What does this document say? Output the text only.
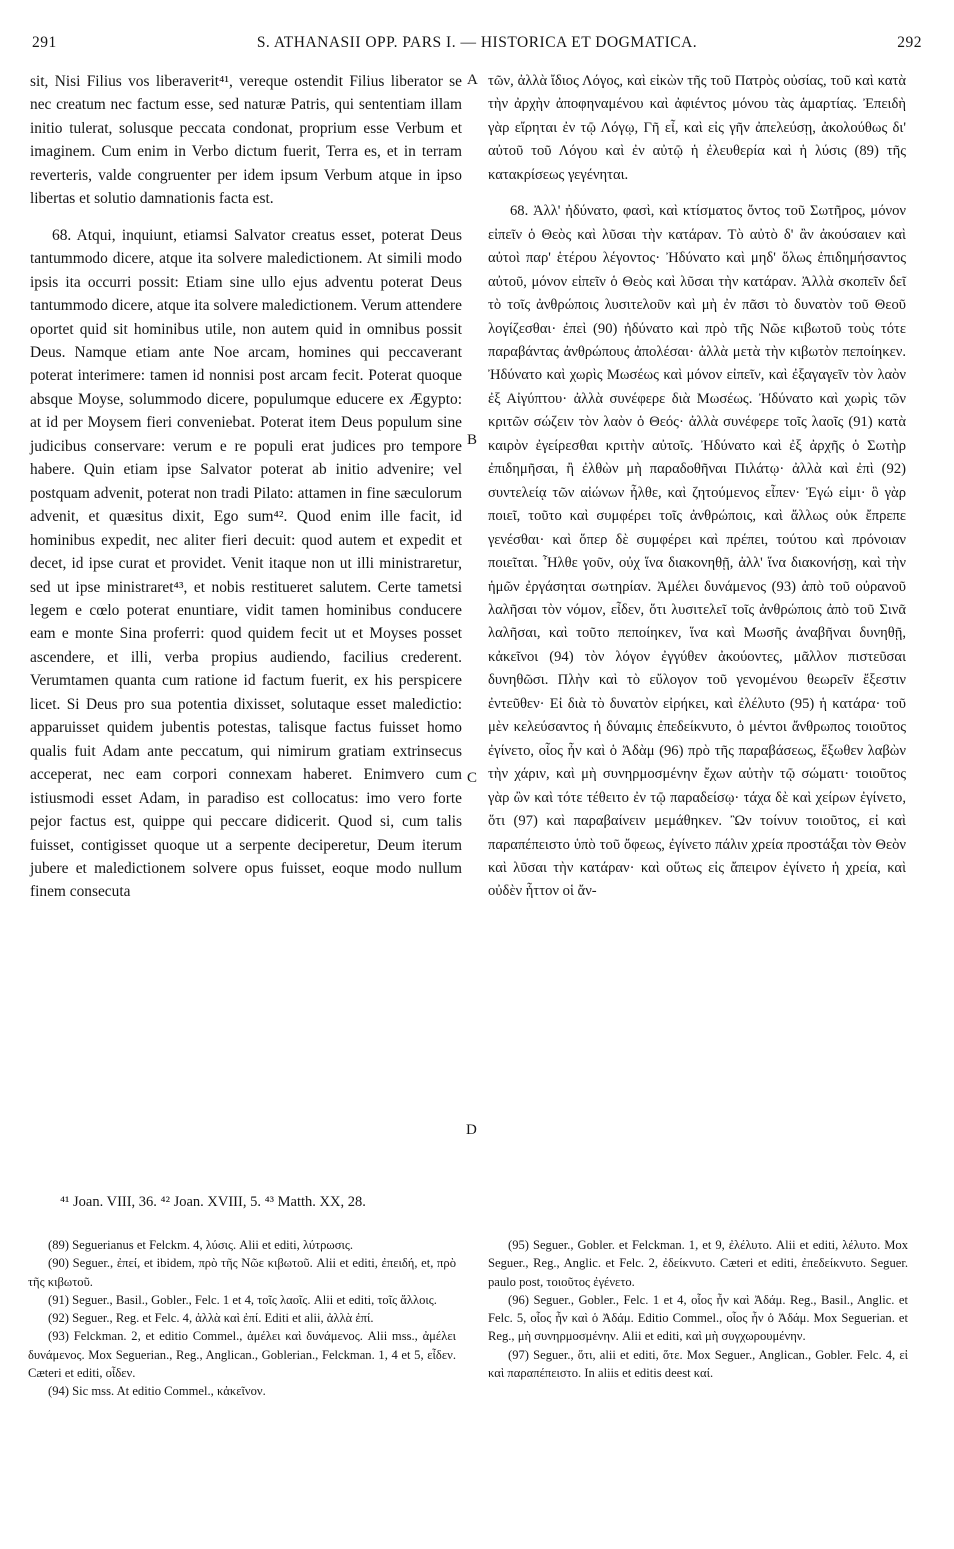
291	S. ATHANASII OPP. PARS I. — HISTORICA ET DOGMATICA.	292

sit, Nisi Filius vos liberaverit⁴¹, vereque ostendit Filius liberator se nec creatum nec factum esse, sed naturæ Patris, qui sententiam illam initio tulerat, solusque peccata condonat, proprium esse Verbum et imaginem. Cum enim in Verbo dictum fuerit, Terra es, et in terram reverteris, valde congruenter per idem ipsum Verbum atque in ipso libertas et solutio damnationis facta est.

68. Atqui, inquiunt, etiamsi Salvator creatus esset, poterat Deus tantummodo dicere, atque ita solvere maledictionem. At simili modo ipsis ita occurri possit: Etiam sine ullo ejus adventu poterat Deus tantummodo dicere, atque ita solvere maledictionem. Verum attendere oportet quid sit hominibus utile, non autem quid in omnibus possit Deus. Namque etiam ante Noe arcam, homines qui peccaverant poterat interimere: tamen id nonnisi post arcam fecit. Poterat quoque absque Moyse, solummodo dicere, populumque educere ex Ægypto: at id per Moysem fieri conveniebat. Poterat item Deus populum sine judicibus conservare: verum e re populi erat judices pro tempore habere. Quin etiam ipse Salvator poterat ab initio advenire; vel postquam advenit, poterat non tradi Pilato: attamen in fine sæculorum advenit, et quæsitus dixit, Ego sum⁴². Quod enim ille facit, id hominibus expedit, nec aliter fieri decuit: quod autem et expedit et decet, id ipse curat et providet. Venit itaque non ut illi ministraretur, sed ut ipse ministraret⁴³, et nobis restitueret salutem. Certe tametsi legem e cœlo poterat enuntiare, vidit tamen hominibus conducere eam e monte Sina proferri: quod quidem fecit ut et Moyses posset ascendere, et illi, verba propius audiendo, facilius crederent. Verumtamen quanta cum ratione id factum fuerit, ex his perspicere licet. Si Deus pro sua potentia dixisset, solutaque esset maledictio: apparuisset quidem jubentis potestas, talisque factus fuisset homo qualis fuit Adam ante peccatum, qui nimirum gratiam extrinsecus acceperat, nec eam corpori connexam haberet. Enimvero cum istiusmodi esset Adam, in paradiso est collocatus: imo vero forte pejor factus est, quippe qui peccare didicerit. Quod si, cum talis fuisset, contigisset quoque ut a serpente deciperetur, Deum iterum jubere et maledictionem solvere opus fuisset, eoque modo nullum finem consecuta

A
B
C
D

τῶν, ἀλλὰ ἴδιος Λόγος, καὶ εἰκὼν τῆς τοῦ Πατρὸς οὐσίας, τοῦ καὶ κατὰ τὴν ἀρχὴν ἀποφηναμένου καὶ ἀφιέντος μόνου τὰς ἁμαρτίας. Ἐπειδὴ γὰρ εἴρηται ἐν τῷ Λόγῳ, Γῆ εἶ, καὶ εἰς γῆν ἀπελεύσῃ, ἀκολούθως δι' αὐτοῦ τοῦ Λόγου καὶ ἐν αὐτῷ ἡ ἐλευθερία καὶ ἡ λύσις (89) τῆς κατακρίσεως γεγένηται.

68. Ἀλλ' ἠδύνατο, φασὶ, καὶ κτίσματος ὄντος τοῦ Σωτῆρος, μόνον εἰπεῖν ὁ Θεὸς καὶ λῦσαι τὴν κατάραν. Τὸ αὐτὸ δ' ἂν ἀκούσαιεν καὶ αὐτοὶ παρ' ἑτέρου λέγοντος· Ἠδύνατο καὶ μηδ' ὅλως ἐπιδημήσαντος αὐτοῦ, μόνον εἰπεῖν ὁ Θεὸς καὶ λῦσαι τὴν κατάραν. Ἀλλὰ σκοπεῖν δεῖ τὸ τοῖς ἀνθρώποις λυσιτελοῦν καὶ μὴ ἐν πᾶσι τὸ δυνατὸν τοῦ Θεοῦ λογίζεσθαι· ἐπεὶ (90) ἠδύνατο καὶ πρὸ τῆς Νῶε κιβωτοῦ τοὺς τότε παραβάντας ἀνθρώπους ἀπολέσαι· ἀλλὰ μετὰ τὴν κιβωτὸν πεποίηκεν. Ἠδύνατο καὶ χωρὶς Μωσέως καὶ μόνον εἰπεῖν, καὶ ἐξαγαγεῖν τὸν λαὸν ἐξ Αἰγύπτου· ἀλλὰ συνέφερε διὰ Μωσέως. Ἠδύνατο καὶ χωρὶς τῶν κριτῶν σώζειν τὸν λαὸν ὁ Θεός· ἀλλὰ συνέφερε τοῖς λαοῖς (91) κατὰ καιρὸν ἐγείρεσθαι κριτὴν αὐτοῖς. Ἠδύνατο καὶ ἐξ ἀρχῆς ὁ Σωτὴρ ἐπιδημῆσαι, ἢ ἐλθὼν μὴ παραδοθῆναι Πιλάτῳ· ἀλλὰ καὶ ἐπὶ (92) συντελείᾳ τῶν αἰώνων ἦλθε, καὶ ζητούμενος εἶπεν· Ἐγώ εἰμι· ὃ γὰρ ποιεῖ, τοῦτο καὶ συμφέρει τοῖς ἀνθρώποις, καὶ ἄλλως οὐκ ἔπρεπε γενέσθαι· καὶ ὅπερ δὲ συμφέρει καὶ πρέπει, τούτου καὶ πρόνοιαν ποιεῖται. Ἦλθε γοῦν, οὐχ ἵνα διακονηθῇ, ἀλλ' ἵνα διακονήσῃ, καὶ τὴν ἡμῶν ἐργάσηται σωτηρίαν. Ἀμέλει δυνάμενος (93) ἀπὸ τοῦ οὐρανοῦ λαλῆσαι τὸν νόμον, εἶδεν, ὅτι λυσιτελεῖ τοῖς ἀνθρώποις ἀπὸ τοῦ Σινᾶ λαλῆσαι, καὶ τοῦτο πεποίηκεν, ἵνα καὶ Μωσῆς ἀναβῆναι δυνηθῇ, κἀκεῖνοι (94) τὸν λόγον ἐγγύθεν ἀκούοντες, μᾶλλον πιστεῦσαι δυνηθῶσι. Πλὴν καὶ τὸ εὔλογον τοῦ γενομένου θεωρεῖν ἔξεστιν ἐντεῦθεν· Εἰ διὰ τὸ δυνατὸν εἰρήκει, καὶ ἐλέλυτο (95) ἡ κατάρα· τοῦ μὲν κελεύσαντος ἡ δύναμις ἐπεδείκνυτο, ὁ μέντοι ἄνθρωπος τοιοῦτος ἐγίνετο, οἷος ἦν καὶ ὁ Ἀδὰμ (96) πρὸ τῆς παραβάσεως, ἔξωθεν λαβὼν τὴν χάριν, καὶ μὴ συνηρμοσμένην ἔχων αὐτὴν τῷ σώματι· τοιοῦτος γὰρ ὢν καὶ τότε τέθειτο ἐν τῷ παραδείσῳ· τάχα δὲ καὶ χείρων ἐγίνετο, ὅτι (97) καὶ παραβαίνειν μεμάθηκεν. Ὢν τοίνυν τοιοῦτος, εἰ καὶ παραπέπειστο ὑπὸ τοῦ ὄφεως, ἐγίνετο πάλιν χρεία προστάξαι τὸν Θεὸν καὶ λῦσαι τὴν κατάραν· καὶ οὕτως εἰς ἄπειρον ἐγίνετο ἡ χρεία, καὶ οὐδὲν ἧττον οἱ ἄν-

⁴¹ Joan. VIII, 36. ⁴² Joan. XVIII, 5. ⁴³ Matth. XX, 28.

(89) Seguerianus et Felckm. 4, λύσις. Alii et editi, λύτρωσις.

(90) Seguer., ἐπεί, et ibidem, πρὸ τῆς Νῶε κιβωτοῦ. Alii et editi, ἐπειδή, et, πρὸ τῆς κιβωτοῦ.

(91) Seguer., Basil., Gobler., Felc. 1 et 4, τοῖς λαοῖς. Alii et editi, τοῖς ἄλλοις.

(92) Seguer., Reg. et Felc. 4, ἀλλὰ καὶ ἐπί. Editi et alii, ἀλλὰ ἐπί.

(93) Felckman. 2, et editio Commel., ἀμέλει καὶ δυνάμενος. Alii mss., ἀμέλει δυνάμενος. Mox Seguerian., Reg., Anglican., Goblerian., Felckman. 1, 4 et 5, εἶδεν. Cæteri et editi, οἶδεν.

(94) Sic mss. At editio Commel., κἀκεῖνον.

(95) Seguer., Gobler. et Felckman. 1, et 9, ἐλέλυτο. Alii et editi, λέλυτο. Mox Seguer., Reg., Anglic. et Felc. 2, ἐδείκνυτο. Cæteri et editi, ἐπεδείκνυτο. Seguer. paulo post, τοιοῦτος ἐγένετο.

(96) Seguer., Gobler., Felc. 1 et 4, οἷος ἦν καὶ Ἀδάμ. Reg., Basil., Anglic. et Felc. 5, οἷος ἦν καὶ ὁ Ἀδάμ. Editio Commel., οἷος ἦν ὁ Ἀδάμ. Mox Seguerian. et Reg., μὴ συνηρμοσμένην. Alii et editi, καὶ μὴ συγχωρουμένην.

(97) Seguer., ὅτι, alii et editi, ὅτε. Mox Seguer., Anglican., Gobler. Felc. 4, εἰ καὶ παραπέπειστο. In aliis et editis deest καί.
